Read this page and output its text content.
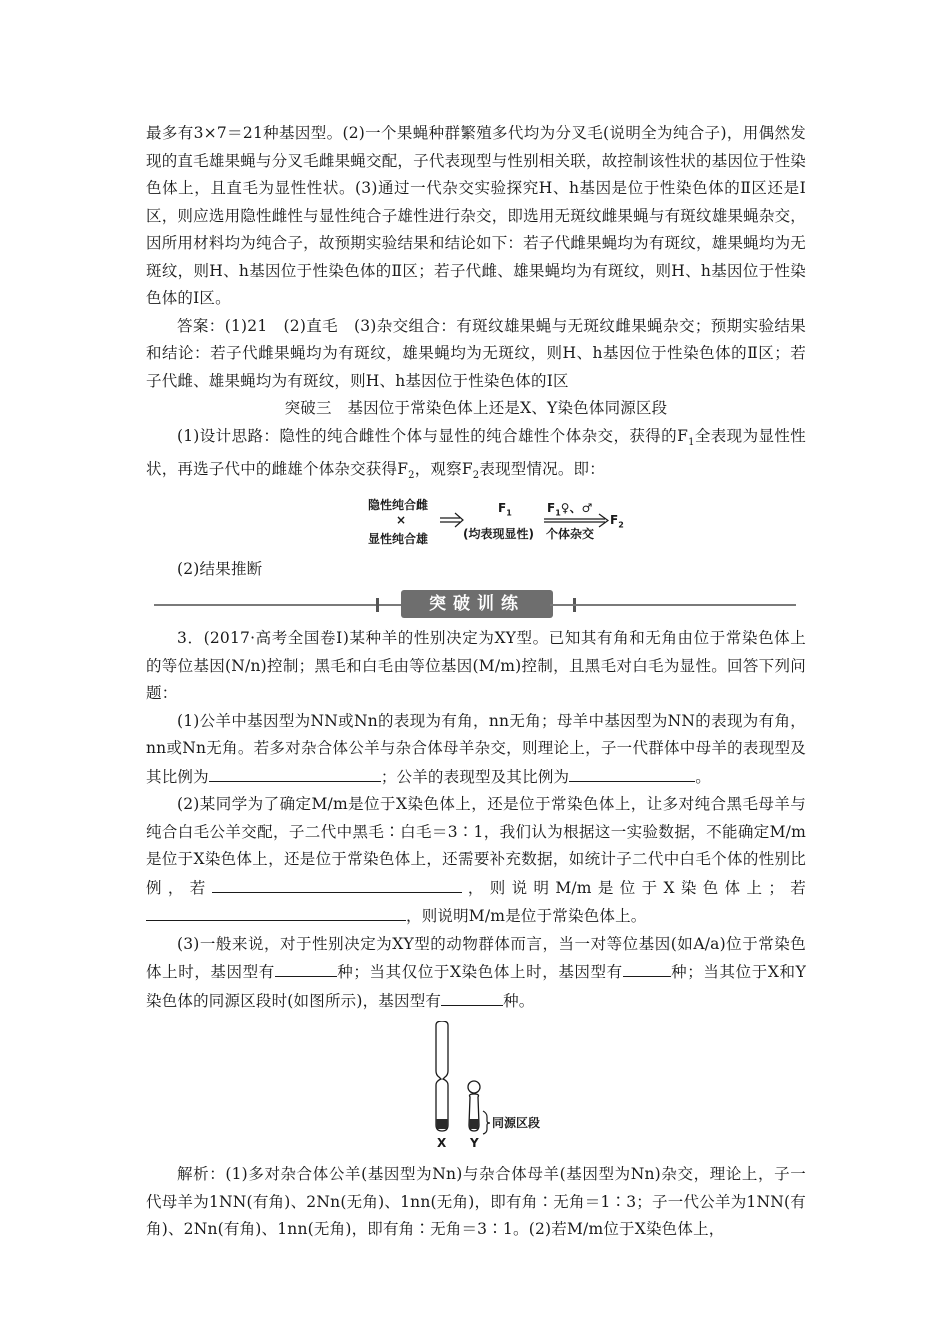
最多有3×7＝21种基因型。(2)一个果蝇种群繁殖多代均为分叉毛(说明全为纯合子)，用偶然发现的直毛雄果蝇与分叉毛雌果蝇交配，子代表现型与性别相关联，故控制该性状的基因位于性染色体上，且直毛为显性性状。(3)通过一代杂交实验探究H、h基因是位于性染色体的Ⅱ区还是Ⅰ区，则应选用隐性雌性与显性纯合子雄性进行杂交，即选用无斑纹雌果蝇与有斑纹雄果蝇杂交，因所用材料均为纯合子，故预期实验结果和结论如下：若子代雌果蝇均为有斑纹，雄果蝇均为无斑纹，则H、h基因位于性染色体的Ⅱ区；若子代雌、雄果蝇均为有斑纹，则H、h基因位于性染色体的Ⅰ区。

答案：(1)21　(2)直毛　(3)杂交组合：有斑纹雄果蝇与无斑纹雌果蝇杂交；预期实验结果和结论：若子代雌果蝇均为有斑纹，雄果蝇均为无斑纹，则H、h基因位于性染色体的Ⅱ区；若子代雌、雄果蝇均为有斑纹，则H、h基因位于性染色体的Ⅰ区

突破三　基因位于常染色体上还是X、Y染色体同源区段

(1)设计思路：隐性的纯合雌性个体与显性的纯合雄性个体杂交，获得的$F_1$全表现为显性性状，再选子代中的雌雄个体杂交获得$F_2$，观察$F_2$表现型情况。即：

隐性纯合雌
×
显性纯合雄
$F_1$
(均表现显性)
$F_1♀$、♂
个体杂交
$F_2$

(2)结果推断

突破训练

3．(2017·高考全国卷Ⅰ)某种羊的性别决定为XY型。已知其有角和无角由位于常染色体上的等位基因(N/n)控制；黑毛和白毛由等位基因(M/m)控制，且黑毛对白毛为显性。回答下列问题：

(1)公羊中基因型为NN或Nn的表现为有角，nn无角；母羊中基因型为NN的表现为有角，nn或Nn无角。若多对杂合体公羊与杂合体母羊杂交，则理论上，子一代群体中母羊的表现型及其比例为	；公羊的表现型及其比例为	。

(2)某同学为了确定M/m是位于X染色体上，还是位于常染色体上，让多对纯合黑毛母羊与纯合白毛公羊交配，子二代中黑毛∶白毛＝3∶1，我们认为根据这一实验数据，不能确定M/m是位于X染色体上，还是位于常染色体上，还需要补充数据，如统计子二代中白毛个体的性别比例，若	，则说明M/m是位于X染色体上；若，则说明M/m是位于常染色体上。

(3)一般来说，对于性别决定为XY型的动物群体而言，当一对等位基因(如A/a)位于常染色体上时，基因型有	种；当其仅位于X染色体上时，基因型有	种；当其位于X和Y染色体的同源区段时(如图所示)，基因型有	种。

同源区段
X Y

解析：(1)多对杂合体公羊(基因型为Nn)与杂合体母羊(基因型为Nn)杂交，理论上，子一代母羊为1NN(有角)、2Nn(无角)、1nn(无角)，即有角∶无角＝1∶3；子一代公羊为1NN(有角)、2Nn(有角)、1nn(无角)，即有角∶无角＝3∶1。(2)若M/m位于X染色体上，
